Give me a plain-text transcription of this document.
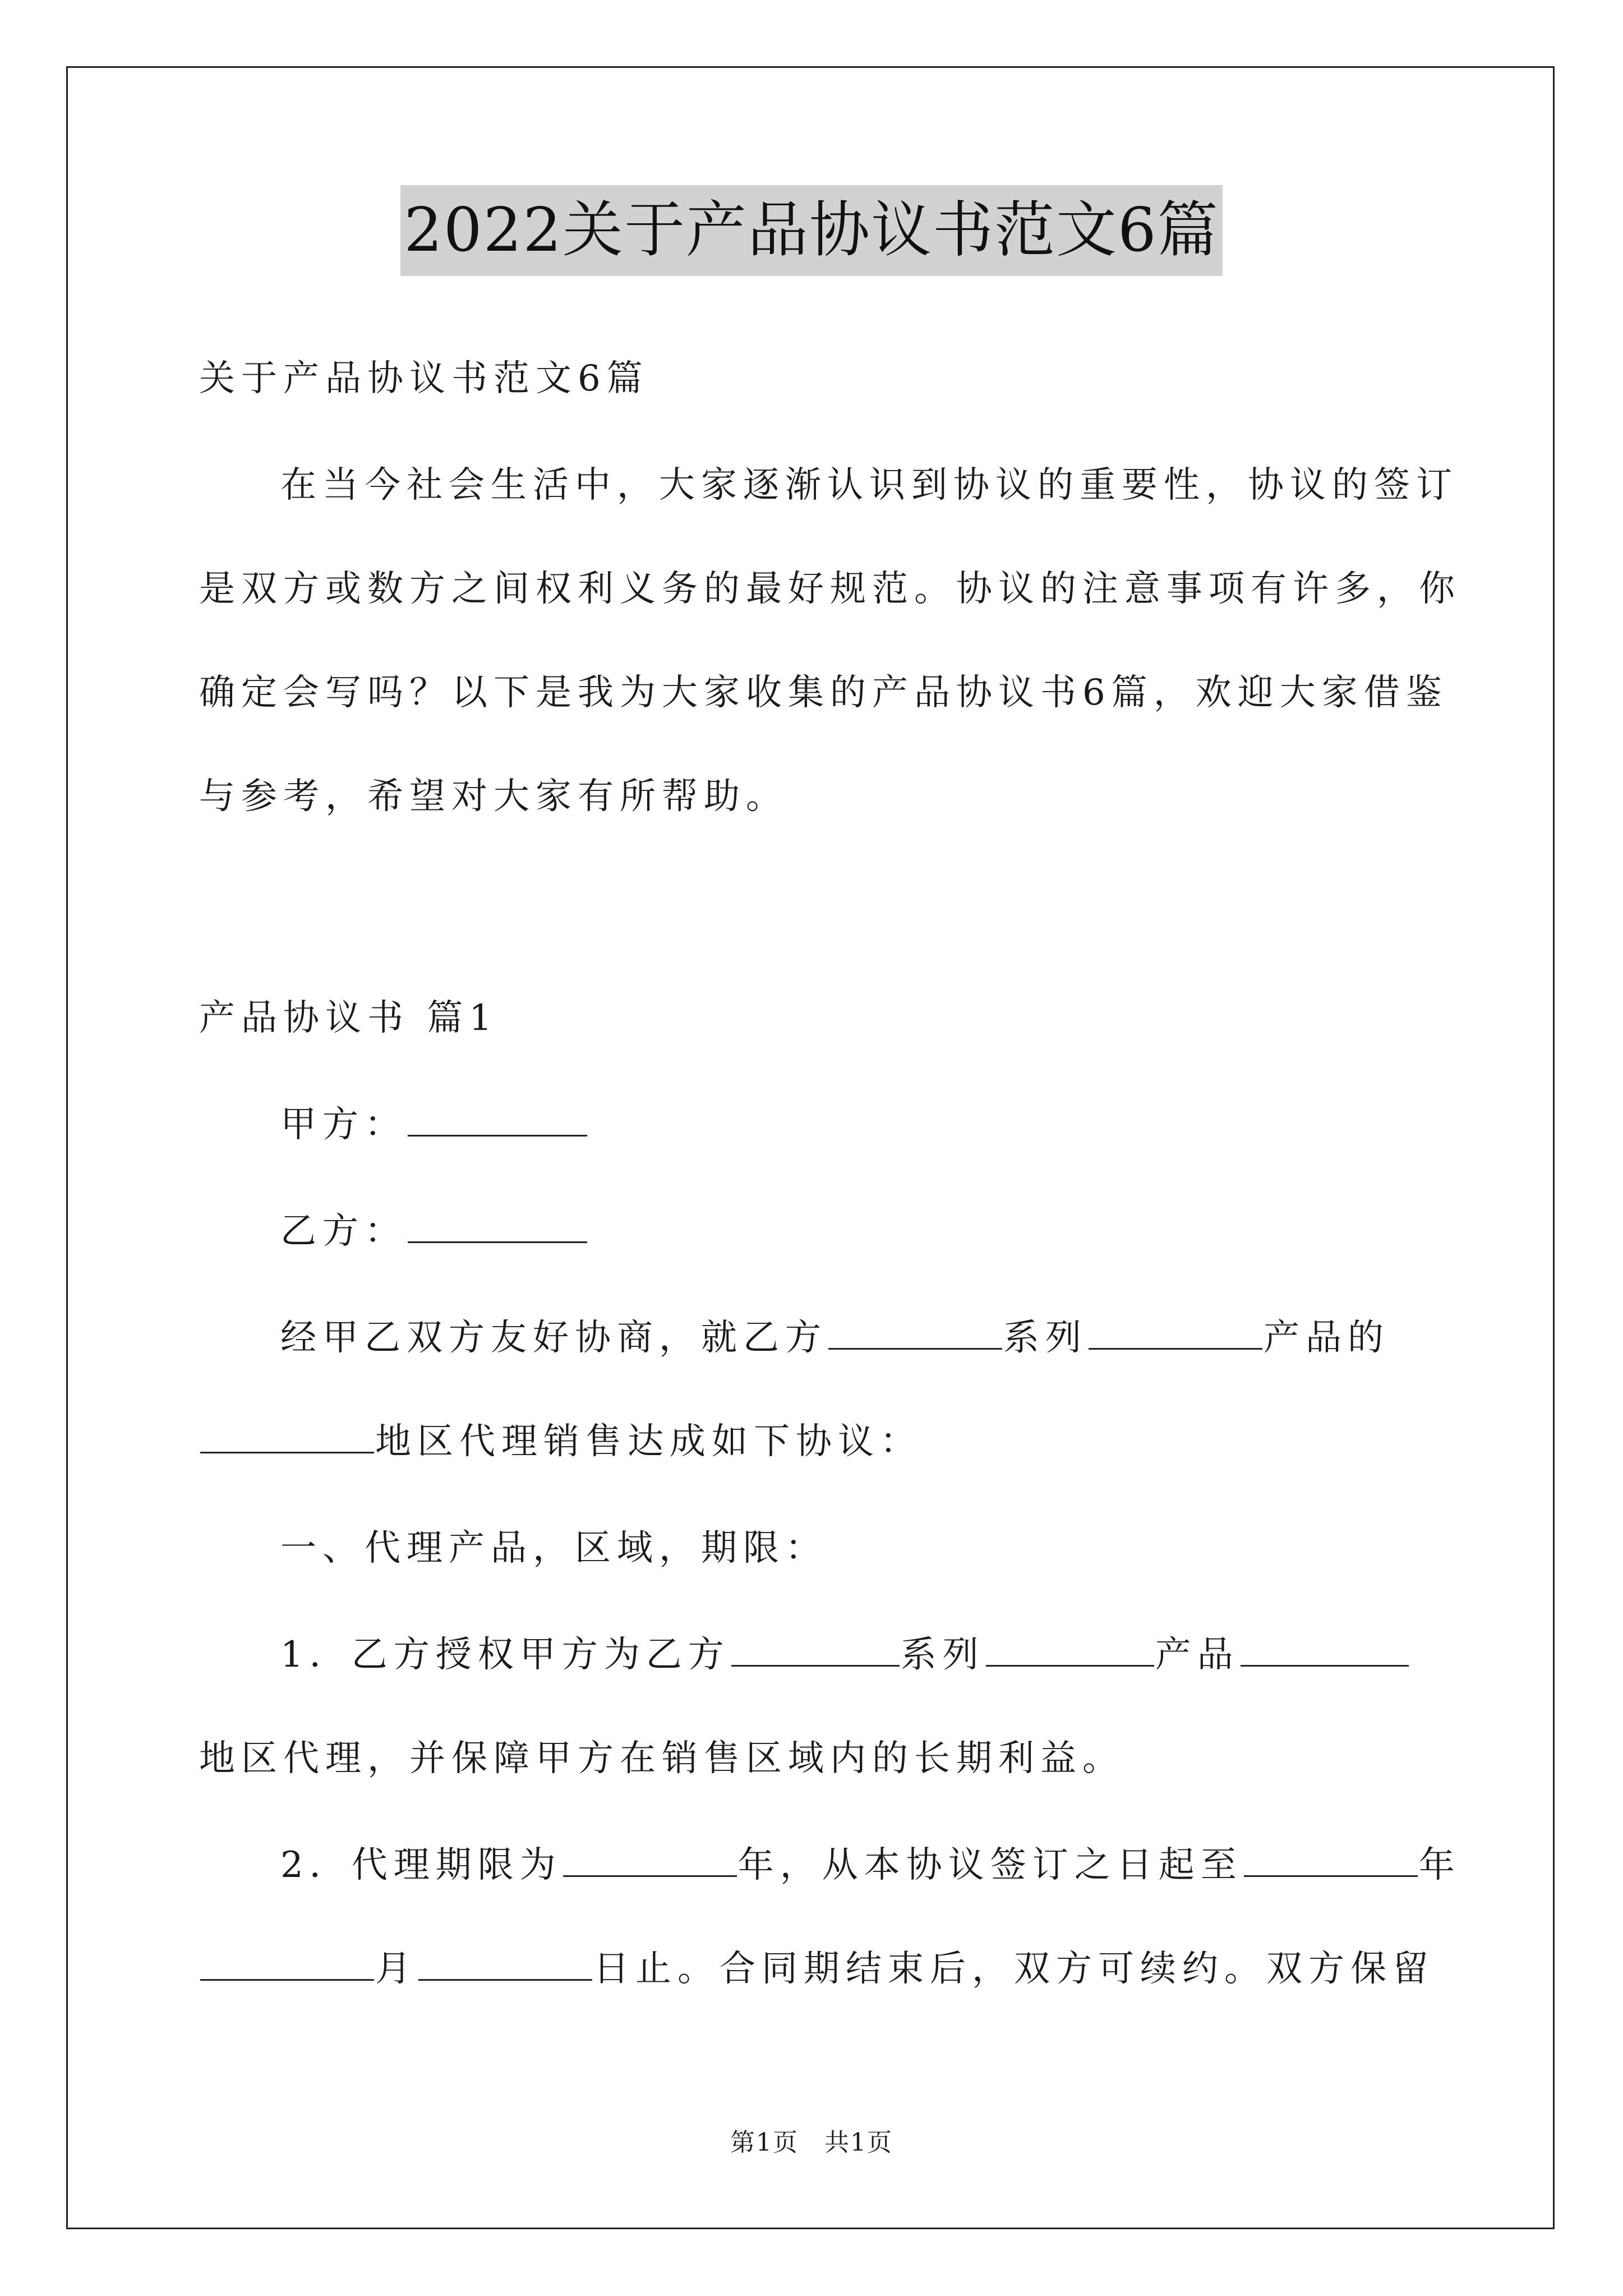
2022关于产品协议书范文6篇
关于产品协议书范文6篇
在当今社会生活中，大家逐渐认识到协议的重要性，协议的签订
是双方或数方之间权利义务的最好规范。协议的注意事项有许多，你
确定会写吗？以下是我为大家收集的产品协议书6篇，欢迎大家借鉴
与参考，希望对大家有所帮助。
产品协议书 篇1
甲方：
乙方：
经甲乙双方友好协商，就乙方	系列	产品的
地区代理销售达成如下协议：
一、代理产品，区域，期限：
1．乙方授权甲方为乙方	系列	产品
地区代理，并保障甲方在销售区域内的长期利益。
2．代理期限为	年，从本协议签订之日起至	年
月	日止。合同期结束后，双方可续约。双方保留
第1页　共1页
